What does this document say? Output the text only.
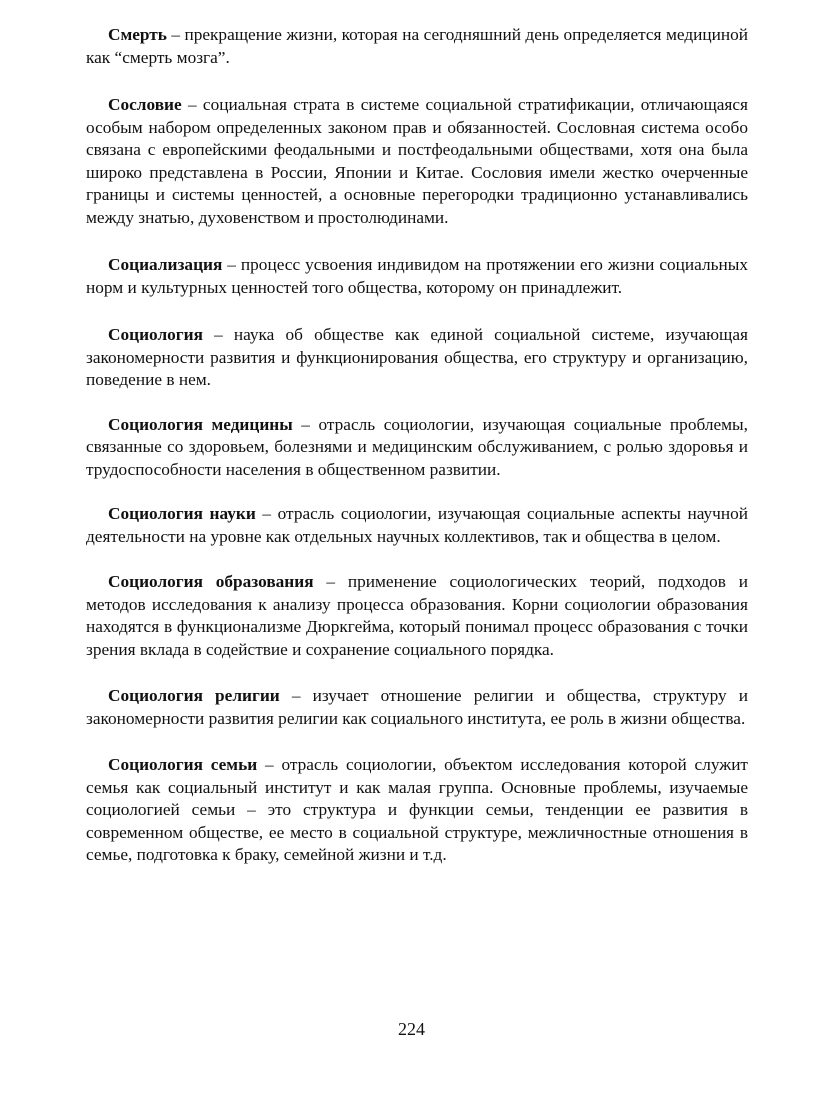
Смерть – прекращение жизни, которая на сегодняшний день определяется медициной как “смерть мозга”.

Сословие – социальная страта в системе социальной стратификации, отличающаяся особым набором определенных законом прав и обязанностей. Сословная система особо связана с европейскими феодальными и постфеодальными обществами, хотя она была широко представлена в России, Японии и Китае. Сословия имели жестко очерченные границы и системы ценностей, а основные перегородки традиционно устанавливались между знатью, духовенством и простолюдинами.

Социализация – процесс усвоения индивидом на протяжении его жизни социальных норм и культурных ценностей того общества, которому он принадлежит.

Социология – наука об обществе как единой социальной системе, изучающая закономерности развития и функционирования общества, его структуру и организацию, поведение в нем.

Социология медицины – отрасль социологии, изучающая социальные проблемы, связанные со здоровьем, болезнями и медицинским обслуживанием, с ролью здоровья и трудоспособности населения в общественном развитии.

Социология науки – отрасль социологии, изучающая социальные аспекты научной деятельности на уровне как отдельных научных коллективов, так и общества в целом.

Социология образования – применение социологических теорий, подходов и методов исследования к анализу процесса образования. Корни социологии образования находятся в функционализме Дюркгейма, который понимал процесс образования с точки зрения вклада в содействие и сохранение социального порядка.

Социология религии – изучает отношение религии и общества, структуру и закономерности развития религии как социального института, ее роль в жизни общества.

Социология семьи – отрасль социологии, объектом исследования которой служит семья как социальный институт и как малая группа. Основные проблемы, изучаемые социологией семьи – это структура и функции семьи, тенденции ее развития в современном обществе, ее место в социальной структуре, межличностные отношения в семье, подготовка к браку, семейной жизни и т.д.

224
